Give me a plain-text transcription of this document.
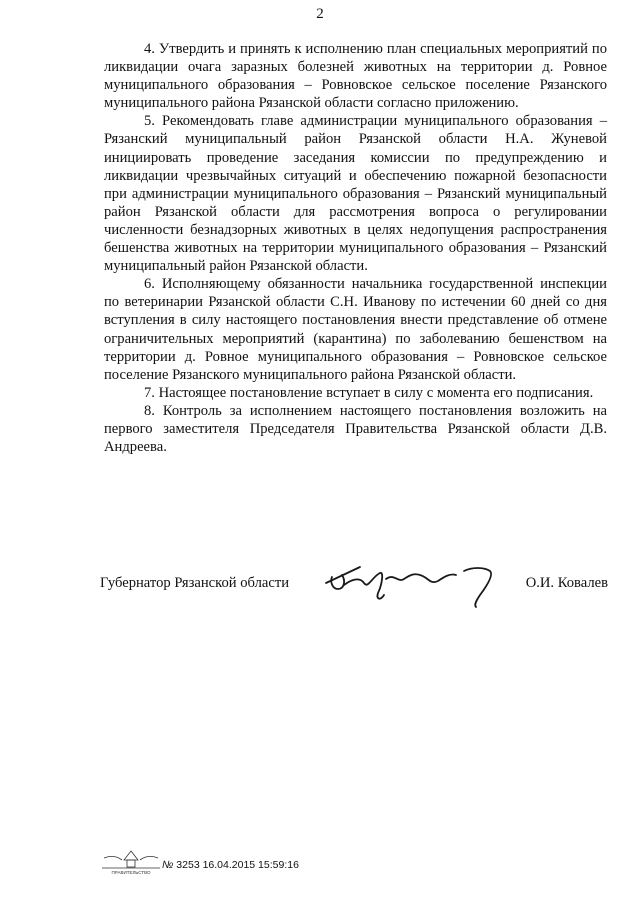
2

4. Утвердить и принять к исполнению план специальных мероприятий по ликвидации очага заразных болезней животных на территории д. Ровное муниципального образования – Ровновское сельское поселение Рязанского муниципального района Рязанской области согласно приложению.

5. Рекомендовать главе администрации муниципального образования – Рязанский муниципальный район Рязанской области Н.А. Жуневой инициировать проведение заседания комиссии по предупреждению и ликвидации чрезвычайных ситуаций и обеспечению пожарной безопасности при администрации муниципального образования – Рязанский муниципальный район Рязанской области для рассмотрения вопроса о регулировании численности безнадзорных животных в целях недопущения распространения бешенства животных на территории муниципального образования – Рязанский муниципальный район Рязанской области.

6. Исполняющему обязанности начальника государственной инспекции по ветеринарии Рязанской области С.Н. Иванову по истечении 60 дней со дня вступления в силу настоящего постановления внести представление об отмене ограничительных мероприятий (карантина) по заболеванию бешенством на территории д. Ровное муниципального образования – Ровновское сельское поселение Рязанского муниципального района Рязанской области.

7. Настоящее постановление вступает в силу с момента его подписания.

8. Контроль за исполнением настоящего постановления возложить на первого заместителя Председателя Правительства Рязанской области Д.В. Андреева.

Губернатор Рязанской области	О.И. Ковалев
ПРАВИТЕЛЬСТВО
№ 3253 16.04.2015 15:59:16
